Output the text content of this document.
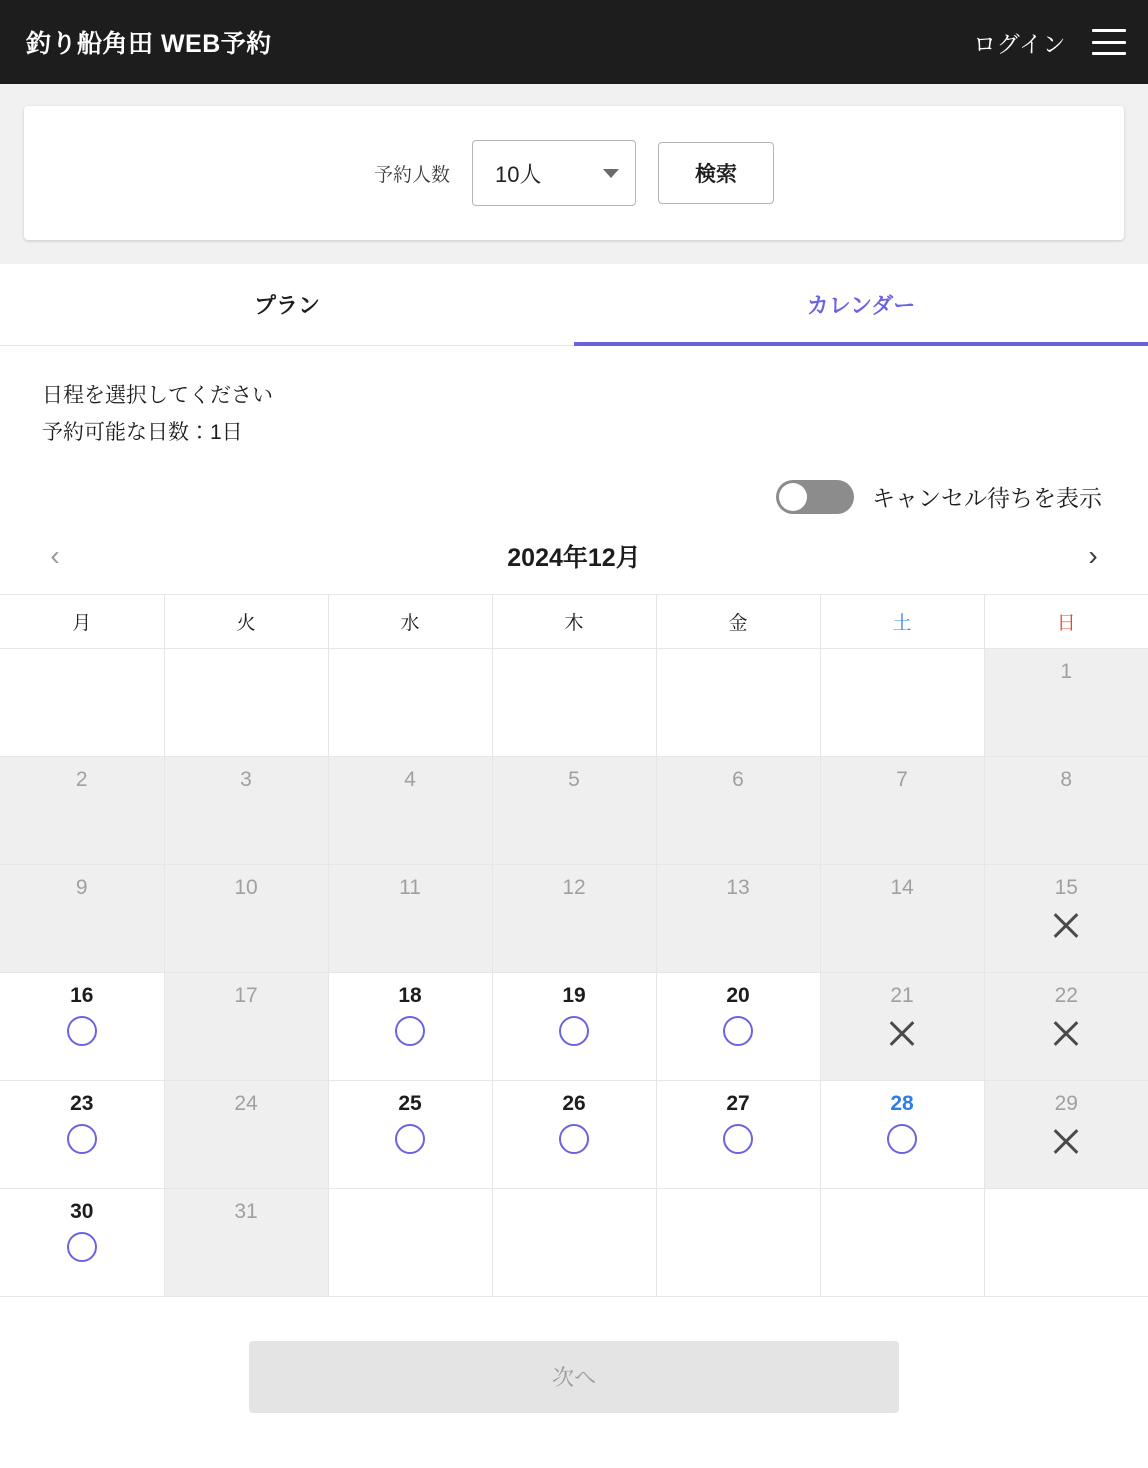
釣り船角田 WEB予約	ログイン
予約人数 10人	検索
プラン	カレンダー

日程を選択してください

予約可能な日数：1日

キャンセル待ちを表示
‹	2024年12月	›
月	火	水	木	金	土	日

						1

2	3	4	5	6	7	8

9	10	11	12	13	14	15

16	17	18	19	20	21	22

23	24	25	26	27	28	29

30	31					

次へ
